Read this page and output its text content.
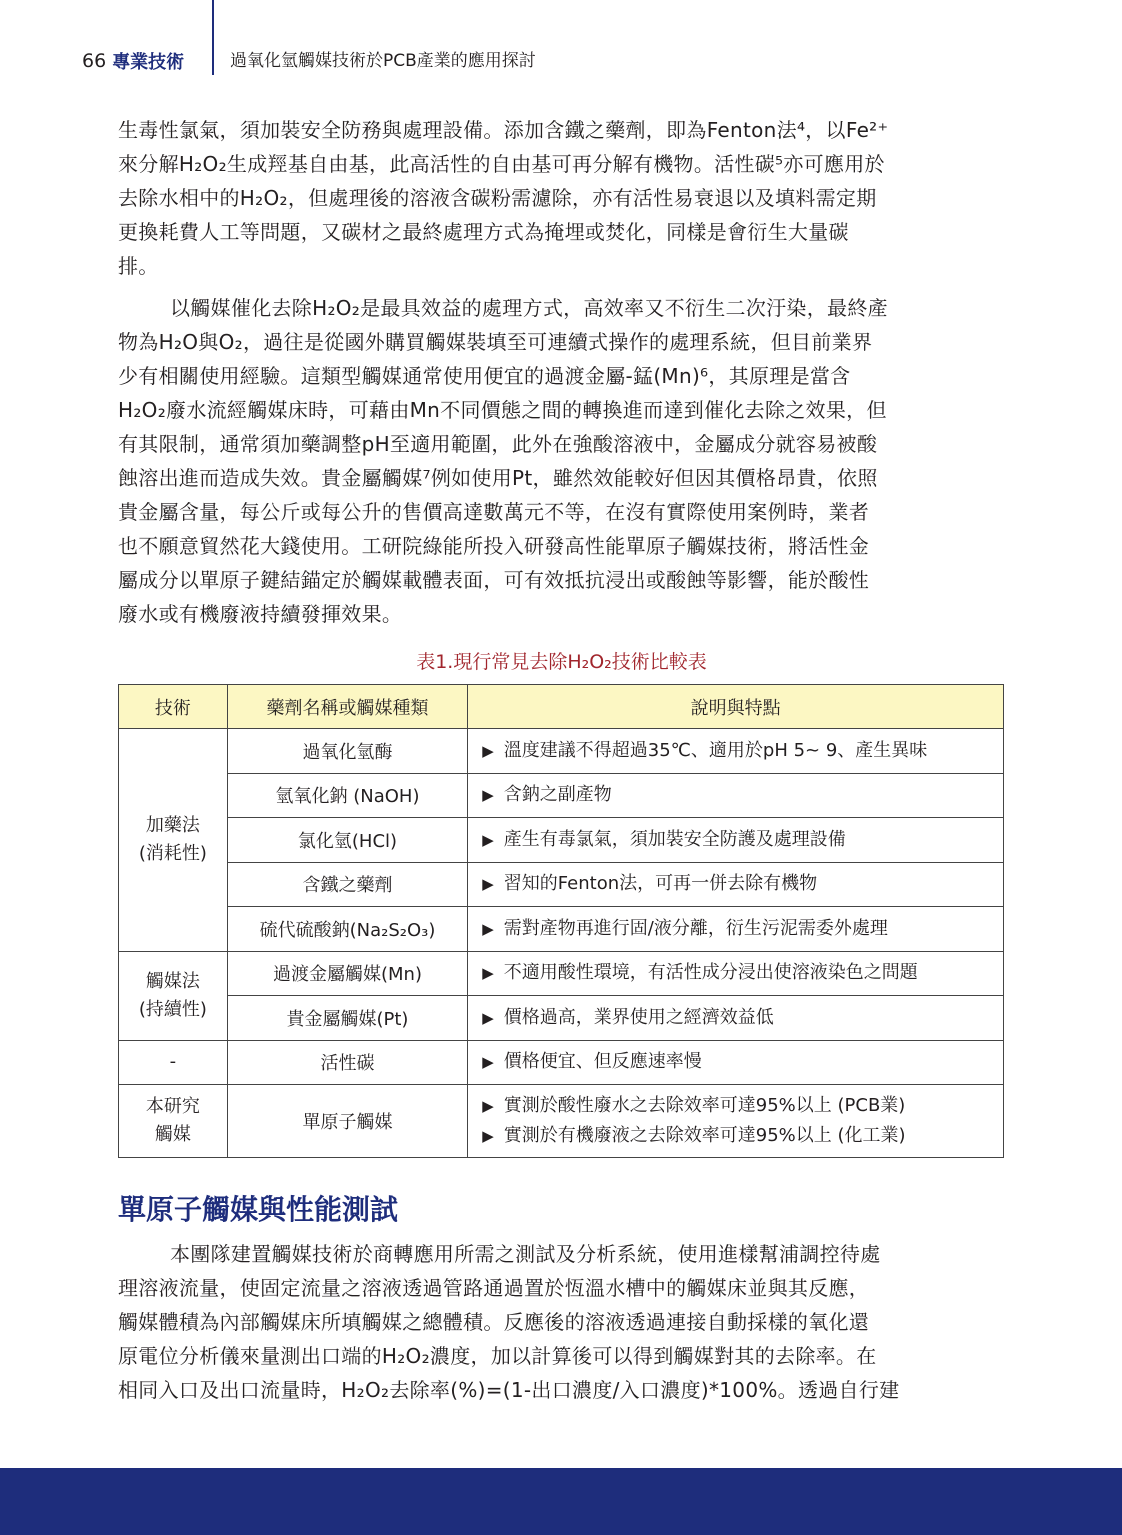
66 專業技術	過氧化氫觸媒技術於PCB產業的應用探討
生毒性氯氣，須加裝安全防務與處理設備。添加含鐵之藥劑，即為Fenton法⁴，以Fe²⁺
來分解H₂O₂生成羥基自由基，此高活性的自由基可再分解有機物。活性碳⁵亦可應用於
去除水相中的H₂O₂，但處理後的溶液含碳粉需濾除，亦有活性易衰退以及填料需定期
更換耗費人工等問題，又碳材之最終處理方式為掩埋或焚化，同樣是會衍生大量碳
排。
以觸媒催化去除H₂O₂是最具效益的處理方式，高效率又不衍生二次汙染，最終產
物為H₂O與O₂，過往是從國外購買觸媒裝填至可連續式操作的處理系統，但目前業界
少有相關使用經驗。這類型觸媒通常使用便宜的過渡金屬-錳(Mn)⁶，其原理是當含
H₂O₂廢水流經觸媒床時，可藉由Mn不同價態之間的轉換進而達到催化去除之效果，但
有其限制，通常須加藥調整pH至適用範圍，此外在強酸溶液中，金屬成分就容易被酸
蝕溶出進而造成失效。貴金屬觸媒⁷例如使用Pt，雖然效能較好但因其價格昂貴，依照
貴金屬含量，每公斤或每公升的售價高達數萬元不等，在沒有實際使用案例時，業者
也不願意貿然花大錢使用。工研院綠能所投入研發高性能單原子觸媒技術，將活性金
屬成分以單原子鍵結錨定於觸媒載體表面，可有效抵抗浸出或酸蝕等影響，能於酸性
廢水或有機廢液持續發揮效果。
表1.現行常見去除H₂O₂技術比較表
技術	藥劑名稱或觸媒種類	說明與特點

加藥法
(消耗性)	過氧化氫酶	▶ 溫度建議不得超過35℃、適用於pH 5~ 9、產生異味

	氫氧化鈉 (NaOH)	▶ 含鈉之副產物

	氯化氫(HCl)	▶ 產生有毒氯氣，須加裝安全防護及處理設備

	含鐵之藥劑	▶ 習知的Fenton法，可再一併去除有機物

	硫代硫酸鈉(Na₂S₂O₃)	▶ 需對產物再進行固/液分離，衍生污泥需委外處理

觸媒法
(持續性)	過渡金屬觸媒(Mn)	▶ 不適用酸性環境，有活性成分浸出使溶液染色之問題

	貴金屬觸媒(Pt)	▶ 價格過高，業界使用之經濟效益低

-	活性碳	▶ 價格便宜、但反應速率慢

本研究
觸媒	單原子觸媒	▶ 實測於酸性廢水之去除效率可達95%以上 (PCB業)
▶ 實測於有機廢液之去除效率可達95%以上 (化工業)
單原子觸媒與性能測試
本團隊建置觸媒技術於商轉應用所需之測試及分析系統，使用進樣幫浦調控待處
理溶液流量，使固定流量之溶液透過管路通過置於恆溫水槽中的觸媒床並與其反應，
觸媒體積為內部觸媒床所填觸媒之總體積。反應後的溶液透過連接自動採樣的氧化還
原電位分析儀來量測出口端的H₂O₂濃度，加以計算後可以得到觸媒對其的去除率。在
相同入口及出口流量時，H₂O₂去除率(%)=(1-出口濃度/入口濃度)*100%。透過自行建
